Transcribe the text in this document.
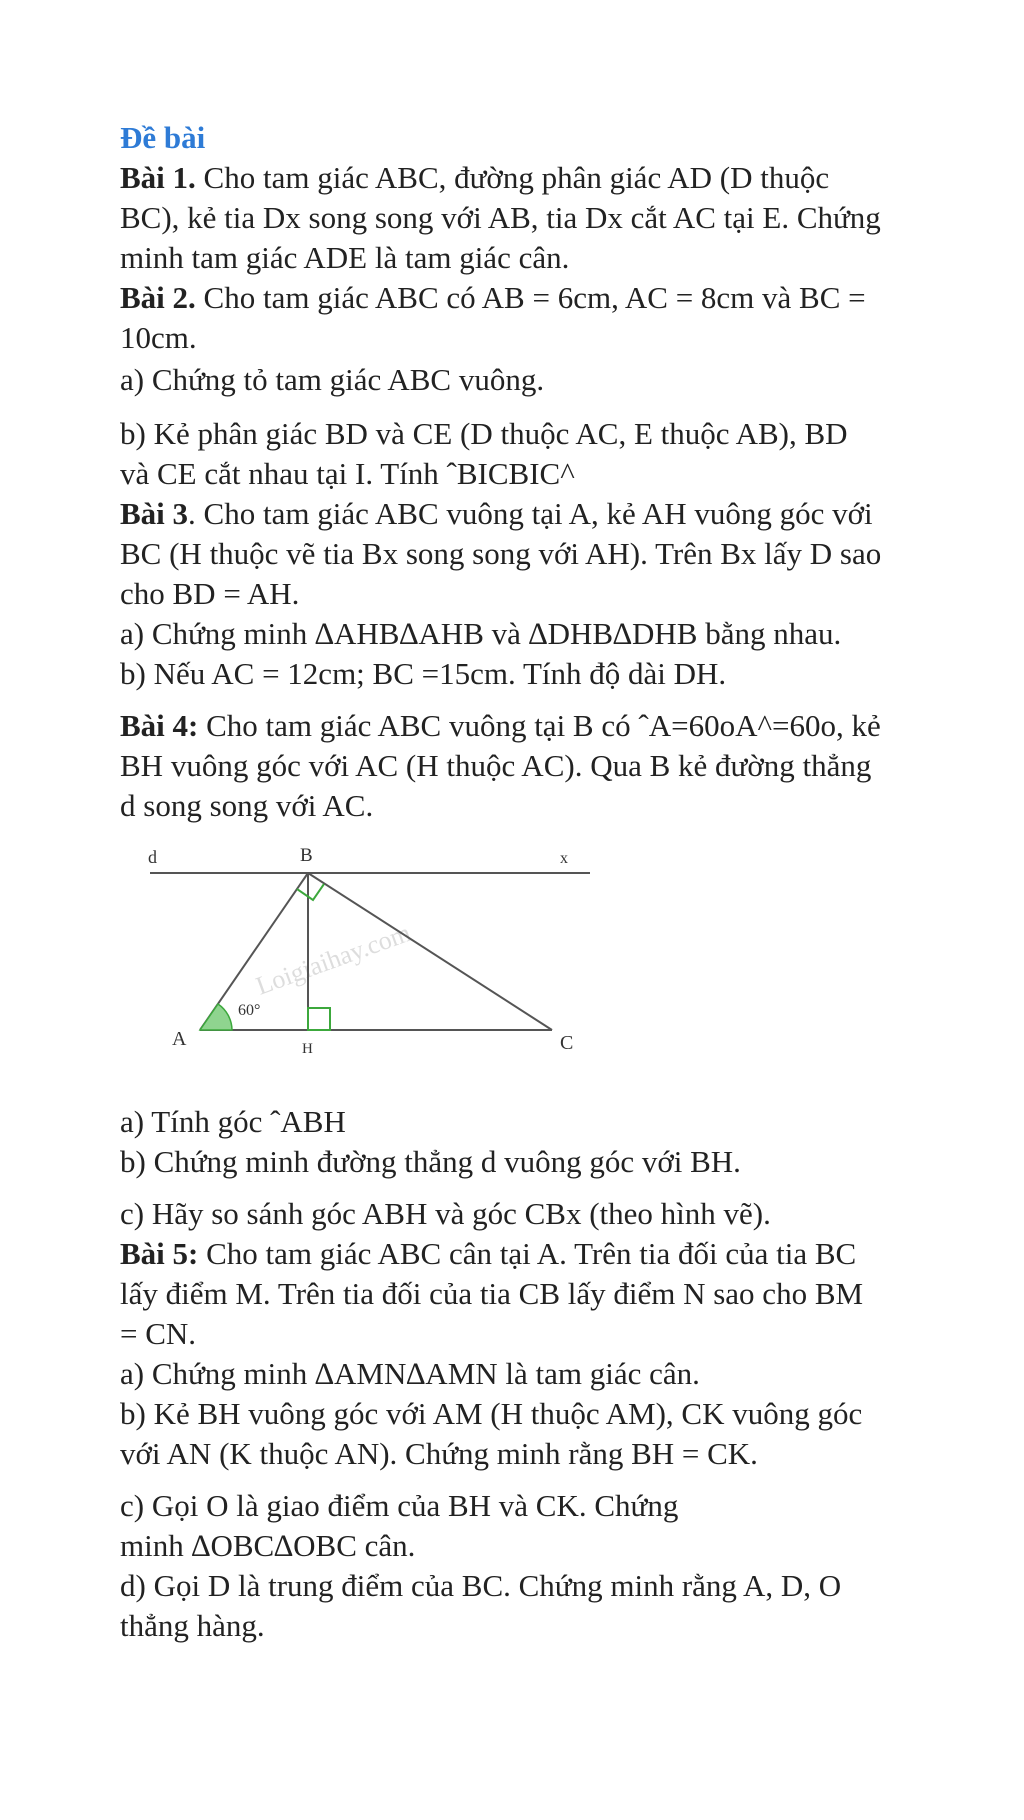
Đề bài
Bài 1. Cho tam giác ABC, đường phân giác AD (D thuộc
BC), kẻ tia Dx song song với AB, tia Dx cắt AC tại E. Chứng
minh tam giác ADE là tam giác cân.
Bài 2. Cho tam giác ABC có AB = 6cm, AC = 8cm và BC =
10cm.
a) Chứng tỏ tam giác ABC vuông.
b) Kẻ phân giác BD và CE (D thuộc AC, E thuộc AB), BD
và CE cắt nhau tại I. Tính ˆBICBIC^
Bài 3. Cho tam giác ABC vuông tại A, kẻ AH vuông góc với
BC (H thuộc vẽ tia Bx song song với AH). Trên Bx lấy D sao
cho BD = AH.
a) Chứng minh ∆AHB∆AHB và ∆DHB∆DHB bằng nhau.
b) Nếu AC = 12cm; BC =15cm. Tính độ dài DH.
Bài 4: Cho tam giác ABC vuông tại B có ˆA=60oA^=60o, kẻ
BH vuông góc với AC (H thuộc AC). Qua B kẻ đường thẳng
d song song với AC.
Loigiaihay.com
d	B	x
A	H	C
60°
a) Tính góc ˆABH
b) Chứng minh đường thẳng d vuông góc với BH.
c) Hãy so sánh góc ABH và góc CBx (theo hình vẽ).
Bài 5: Cho tam giác ABC cân tại A. Trên tia đối của tia BC
lấy điểm M. Trên tia đối của tia CB lấy điểm N sao cho BM
= CN.
a) Chứng minh ∆AMN∆AMN là tam giác cân.
b) Kẻ BH vuông góc với AM (H thuộc AM), CK vuông góc
với AN (K thuộc AN). Chứng minh rằng BH = CK.
c) Gọi O là giao điểm của BH và CK. Chứng
minh ∆OBC∆OBC cân.
d) Gọi D là trung điểm của BC. Chứng minh rằng A, D, O
thẳng hàng.
